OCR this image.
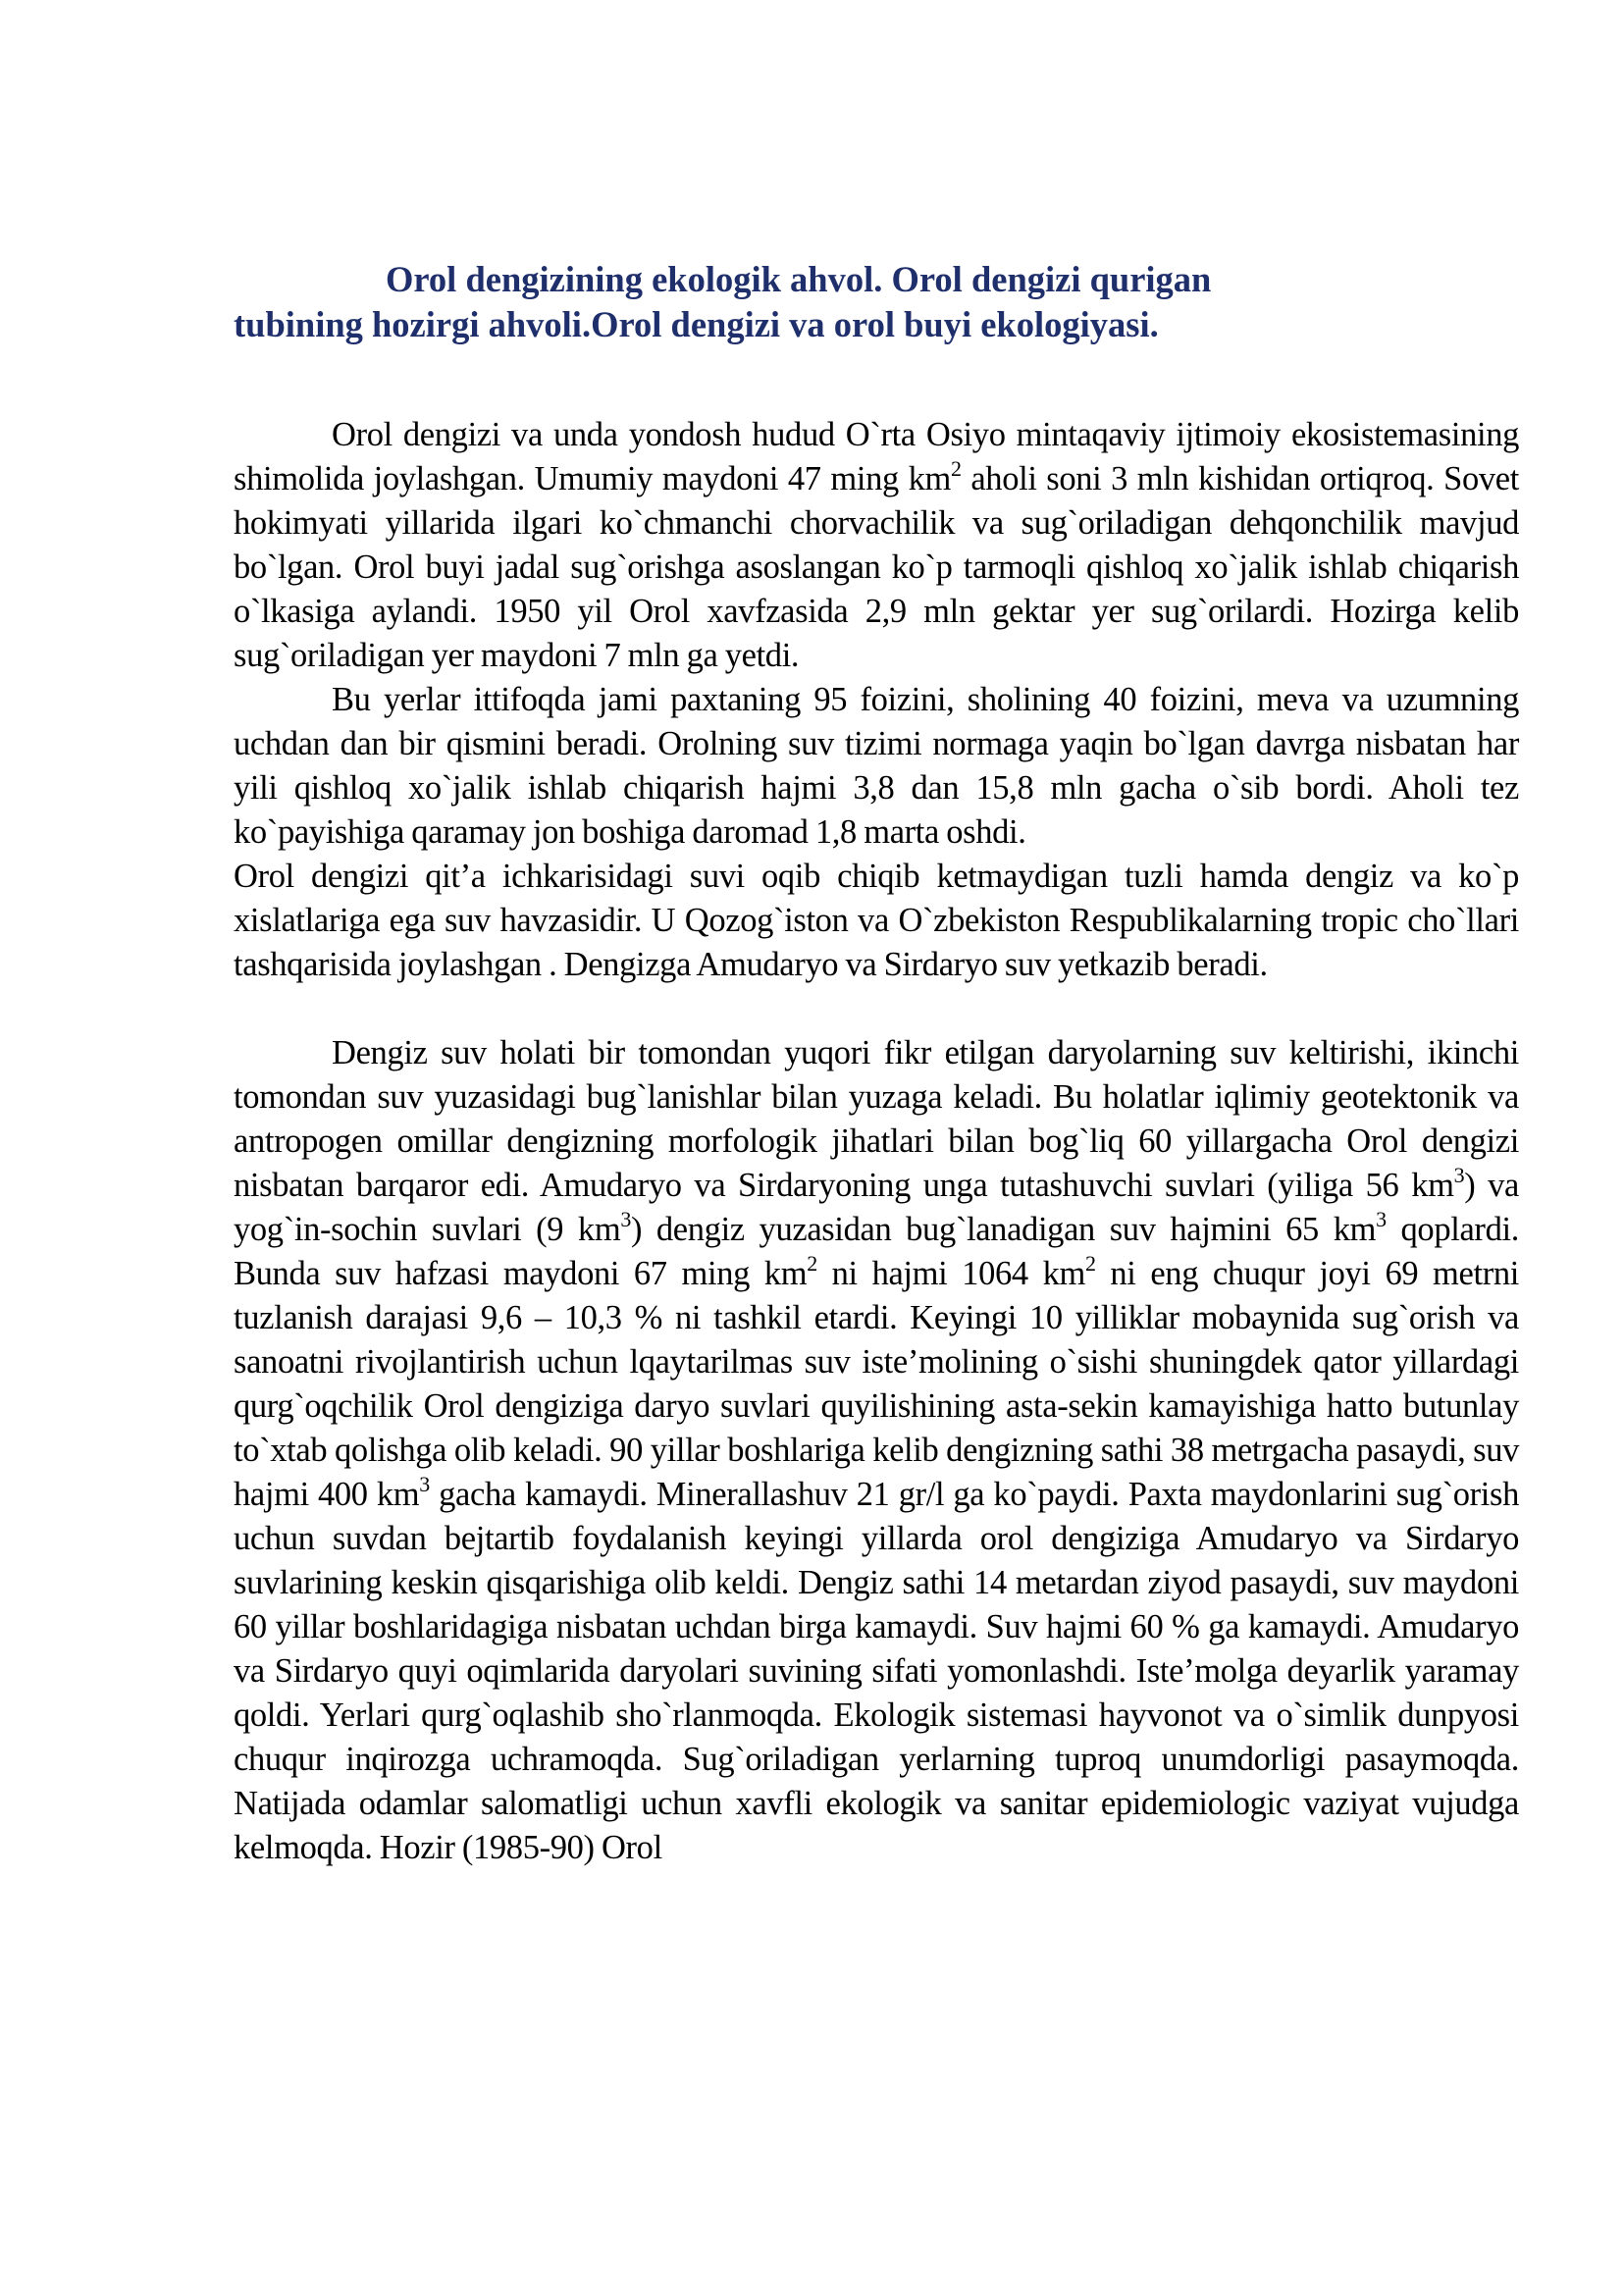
Orol dengizining ekologik ahvol. Orol dengizi qurigan
tubining hozirgi ahvoli.Orol dengizi va orol buyi ekologiyasi.

Orol dengizi va unda yondosh hudud O`rta Osiyo mintaqaviy ijtimoiy ekosistemasining shimolida joylashgan. Umumiy maydoni 47 ming $km^2$ aholi soni 3 mln kishidan ortiqroq. Sovet hokimyati yillarida ilgari ko`chmanchi chorvachilik va sug`oriladigan dehqonchilik mavjud bo`lgan. Orol buyi jadal sug`orishga asoslangan ko`p tarmoqli qishloq xo`jalik ishlab chiqarish o`lkasiga aylandi. 1950 yil Orol xavfzasida 2,9 mln gektar yer sug`orilardi. Hozirga kelib sug`oriladigan yer maydoni 7 mln ga yetdi.

Bu yerlar ittifoqda jami paxtaning 95 foizini, sholining 40 foizini, meva va uzumning uchdan dan bir qismini beradi. Orolning suv tizimi normaga yaqin bo`lgan davrga nisbatan har yili qishloq xo`jalik ishlab chiqarish hajmi 3,8 dan 15,8 mln gacha o`sib bordi. Aholi tez ko`payishiga qaramay jon boshiga daromad 1,8 marta oshdi.

Orol dengizi qit’a ichkarisidagi suvi oqib chiqib ketmaydigan tuzli hamda dengiz va ko`p xislatlariga ega suv havzasidir. U Qozog`iston va O`zbekiston Respublikalarning tropic cho`llari tashqarisida joylashgan . Dengizga Amudaryo va Sirdaryo suv yetkazib beradi.

Dengiz suv holati bir tomondan yuqori fikr etilgan daryolarning suv keltirishi, ikinchi tomondan suv yuzasidagi bug`lanishlar bilan yuzaga keladi. Bu holatlar iqlimiy geotektonik va antropogen omillar dengizning morfologik jihatlari bilan bog`liq 60 yillargacha Orol dengizi nisbatan barqaror edi. Amudaryo va Sirdaryoning unga tutashuvchi suvlari (yiliga 56 $km^3$) va yog`in-sochin suvlari (9 $km^3$) dengiz yuzasidan bug`lanadigan suv hajmini 65 $km^3$ qoplardi. Bunda suv hafzasi maydoni 67 ming $km^2$ ni hajmi 1064 $km^2$ ni eng chuqur joyi 69 metrni tuzlanish darajasi 9,6 – 10,3 % ni tashkil etardi. Keyingi 10 yilliklar mobaynida sug`orish va sanoatni rivojlantirish uchun lqaytarilmas suv iste’molining o`sishi shuningdek qator yillardagi qurg`oqchilik Orol dengiziga daryo suvlari quyilishining asta-sekin kamayishiga hatto butunlay to`xtab qolishga olib keladi. 90 yillar boshlariga kelib dengizning sathi 38 metrgacha pasaydi, suv hajmi 400 $km^3$ gacha kamaydi. Minerallashuv 21 gr/l ga ko`paydi. Paxta maydonlarini sug`orish uchun suvdan bejtartib foydalanish keyingi yillarda orol dengiziga Amudaryo va Sirdaryo suvlarining keskin qisqarishiga olib keldi. Dengiz sathi 14 metardan ziyod pasaydi, suv maydoni 60 yillar boshlaridagiga nisbatan uchdan birga kamaydi. Suv hajmi 60 % ga kamaydi. Amudaryo va Sirdaryo quyi oqimlarida daryolari suvining sifati yomonlashdi. Iste’molga deyarlik yaramay qoldi. Yerlari qurg`oqlashib sho`rlanmoqda. Ekologik sistemasi hayvonot va o`simlik dunpyosi chuqur inqirozga uchramoqda. Sug`oriladigan yerlarning tuproq unumdorligi pasaymoqda. Natijada odamlar salomatligi uchun xavfli ekologik va sanitar epidemiologic vaziyat vujudga kelmoqda. Hozir (1985-90) Orol
